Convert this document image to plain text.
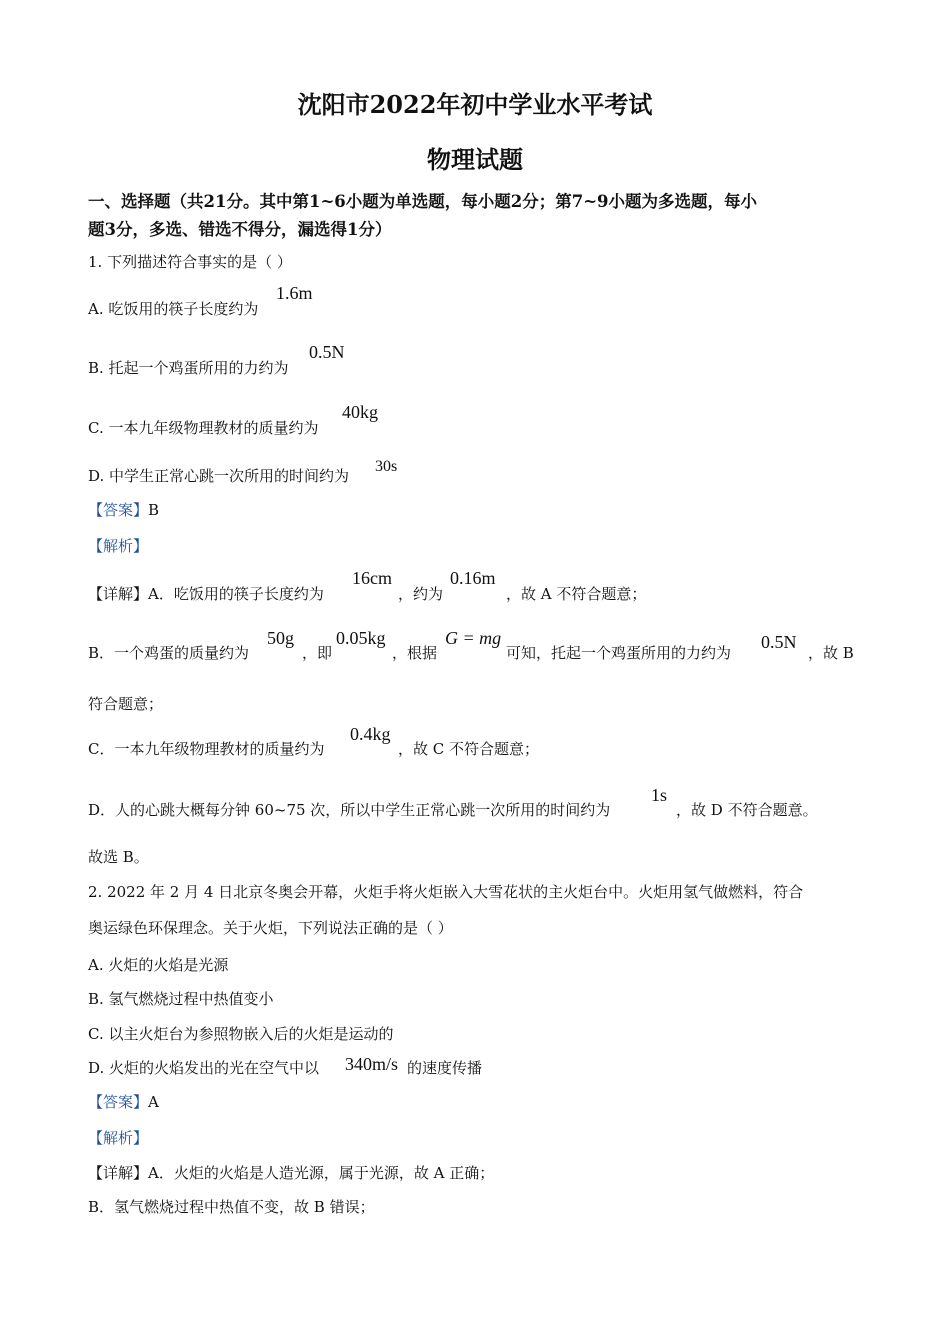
沈阳市2022年初中学业水平考试
物理试题
一、选择题（共21分。其中第1~6小题为单选题，每小题2分；第7~9小题为多选题，每小
题3分，多选、错选不得分，漏选得1分）
1. 下列描述符合事实的是（ ）
A. 吃饭用的筷子长度约为
1.6m
B. 托起一个鸡蛋所用的力约为
0.5N
C. 一本九年级物理教材的质量约为
40kg
D. 中学生正常心跳一次所用的时间约为
30s
【答案】B
【解析】
【详解】A．吃饭用的筷子长度约为
16cm
，约为
0.16m
，故 A 不符合题意；
B．一个鸡蛋的质量约为
50g
，即
0.05kg
，根据
G = mg
可知，托起一个鸡蛋所用的力约为
0.5N
，故 B
符合题意；
C．一本九年级物理教材的质量约为
0.4kg
，故 C 不符合题意；
D．人的心跳大概每分钟 60~75 次，所以中学生正常心跳一次所用的时间约为
1s
，故 D 不符合题意。
故选 B。
2. 2022 年 2 月 4 日北京冬奥会开幕，火炬手将火炬嵌入大雪花状的主火炬台中。火炬用氢气做燃料，符合
奥运绿色环保理念。关于火炬，下列说法正确的是（ ）
A. 火炬的火焰是光源
B. 氢气燃烧过程中热值变小
C. 以主火炬台为参照物嵌入后的火炬是运动的
D. 火炬的火焰发出的光在空气中以 340m/s 的速度传播
【答案】A
【解析】
【详解】A．火炬的火焰是人造光源，属于光源，故 A 正确；
B．氢气燃烧过程中热值不变，故 B 错误；
